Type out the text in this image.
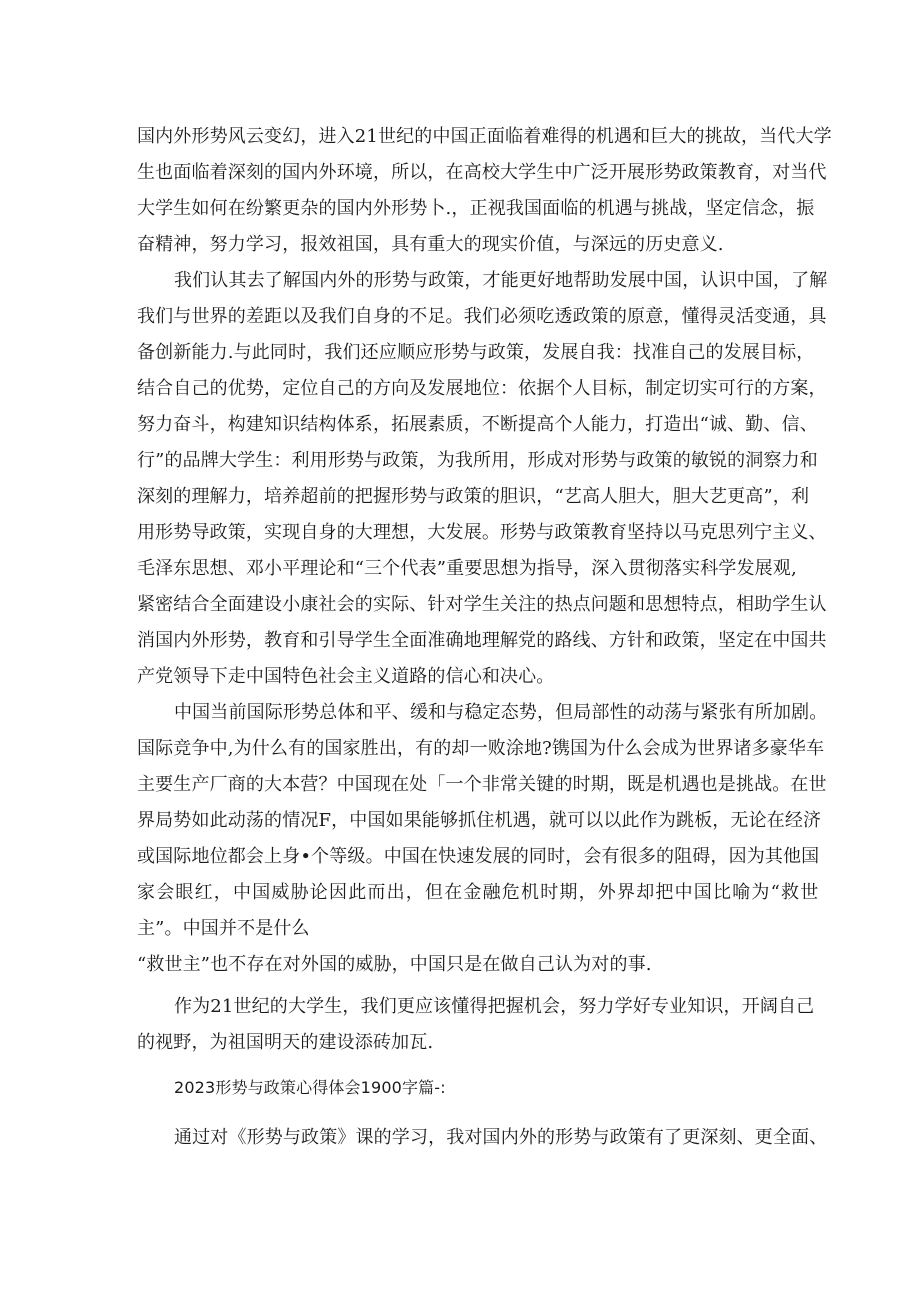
国内外形势风云变幻，进入21世纪的中国正面临着难得的机遇和巨大的挑故，当代大学
生也面临着深刻的国内外环境，所以，在高校大学生中广泛开展形势政策教育，对当代
大学生如何在纷繁更杂的国内外形势卜.，正视我国面临的机遇与挑战，坚定信念，振
奋精神，努力学习，报效祖国，具有重大的现实价值，与深远的历史意义.
我们认其去了解国内外的形势与政策，才能更好地帮助发展中国，认识中国，了解
我们与世界的差距以及我们自身的不足。我们必须吃透政策的原意，懂得灵活变通，具
备创新能力.与此同时，我们还应顺应形势与政策，发展自我：找准自己的发展目标，
结合自己的优势，定位自己的方向及发展地位：依据个人目标，制定切实可行的方案，
努力奋斗，构建知识结构体系，拓展素质，不断提高个人能力，打造出“诚、勤、信、
行”的品牌大学生：利用形势与政策，为我所用，形成对形势与政策的敏锐的洞察力和
深刻的理解力，培养超前的把握形势与政策的胆识，“艺高人胆大，胆大艺更高”，利
用形势导政策，实现自身的大理想，大发展。形势与政策教育坚持以马克思列宁主义、
毛泽东思想、邓小平理论和“三个代表”重要思想为指导，深入贯彻落实科学发展观,
紧密结合全面建设小康社会的实际、针对学生关注的热点问题和思想特点，相助学生认
消国内外形势，教育和引导学生全面准确地理解党的路线、方针和政策，坚定在中国共
产党领导下走中国特色社会主义道路的信心和决心。
中国当前国际形势总体和平、缓和与稳定态势，但局部性的动荡与紧张有所加剧。
国际竞争中,为什么有的国家胜出，有的却一败涂地?镌国为什么会成为世界诸多豪华车
主要生产厂商的大本营？中国现在处「一个非常关键的时期，既是机遇也是挑战。在世
界局势如此动荡的情况F，中国如果能够抓住机遇，就可以以此作为跳板，无论在经济
或国际地位都会上身•个等级。中国在快速发展的同时，会有很多的阻碍，因为其他国
家会眼红，中国威胁论因此而出，但在金融危机时期，外界却把中国比喻为“救世
主”。中国并不是什么
“救世主”也不存在对外国的威胁，中国只是在做自己认为对的事.
作为21世纪的大学生，我们更应该懂得把握机会，努力学好专业知识，开阔自己
的视野，为祖国明天的建设添砖加瓦.
2023形势与政策心得体会1900字篇-:
通过对《形势与政策》课的学习，我对国内外的形势与政策有了更深刻、更全面、
